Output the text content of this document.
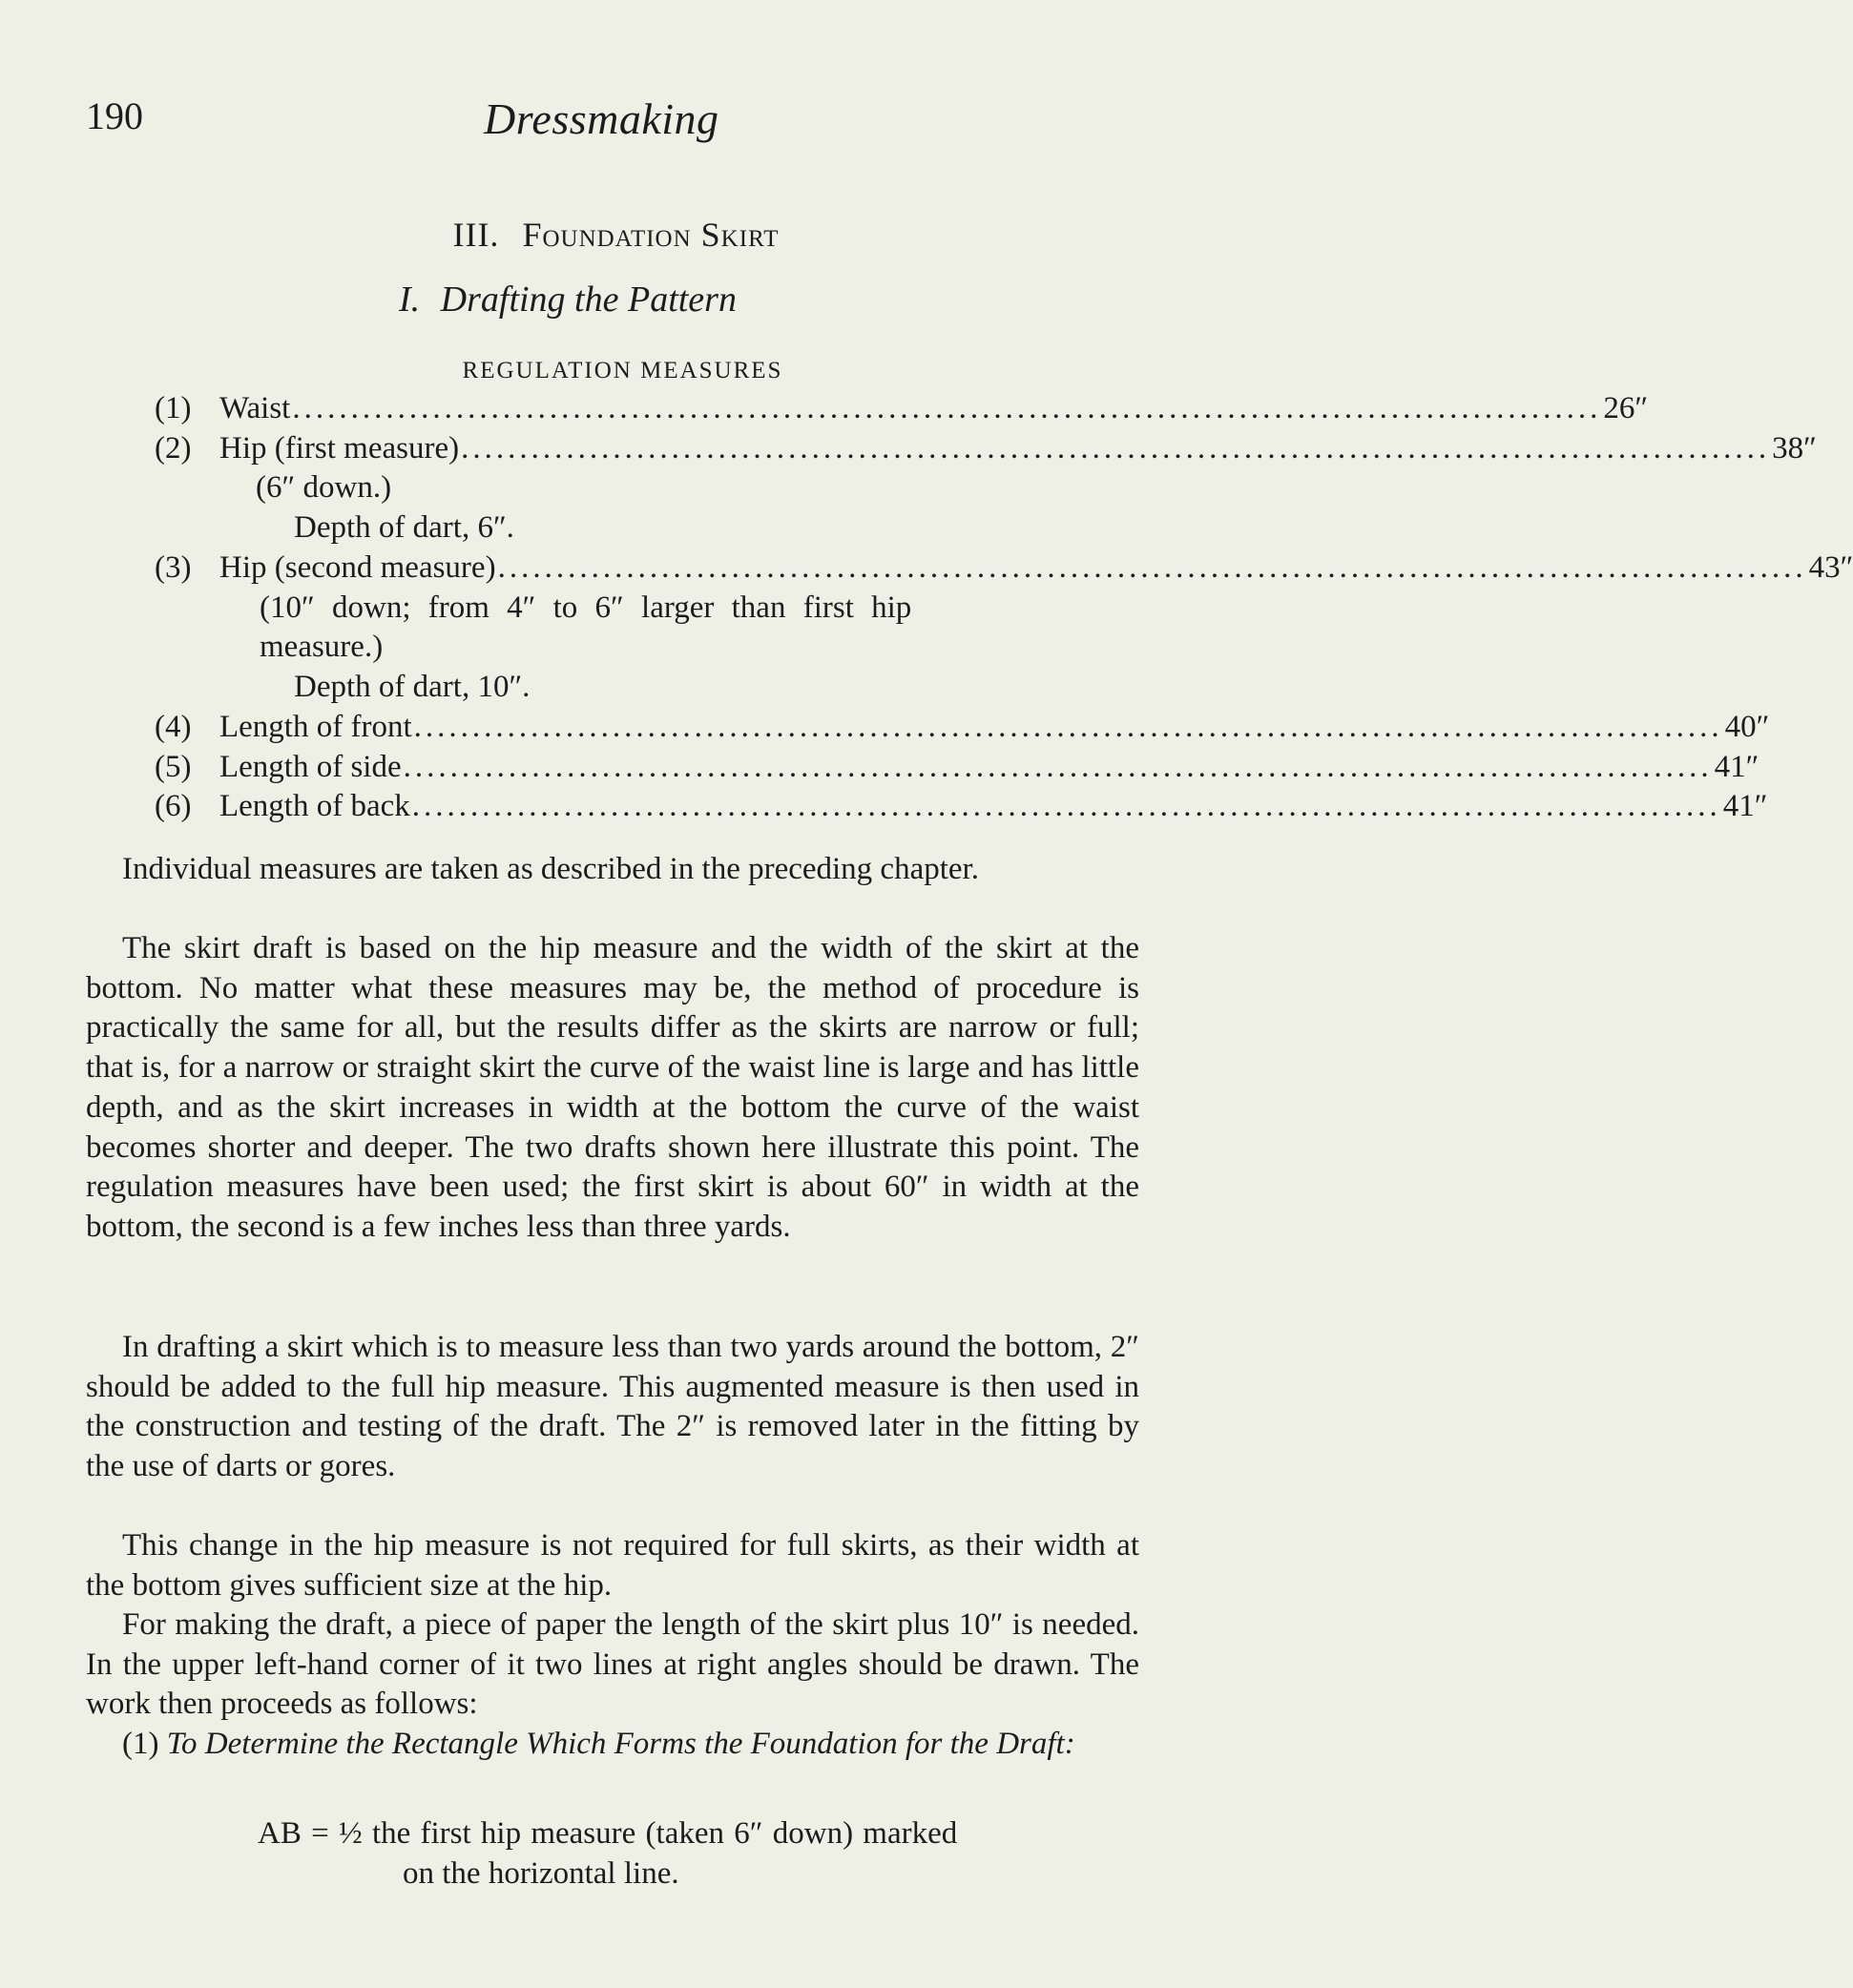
190	Dressmaking
III. Foundation Skirt
I. Drafting the Pattern
REGULATION MEASURES
(1) Waist ................................................................................................................ 26″
(2) Hip (first measure) ................................................................................................................ 38″
(6″ down.)
Depth of dart, 6″.
(3) Hip (second measure) ................................................................................................................ 43″
(10″ down; from 4″ to 6″ larger than first hip
measure.)
Depth of dart, 10″.
(4) Length of front ................................................................................................................ 40″
(5) Length of side ................................................................................................................ 41″
(6) Length of back ................................................................................................................ 41″

Individual measures are taken as described in the preceding chapter.

The skirt draft is based on the hip measure and the width of the skirt at the bottom. No matter what these measures may be, the method of procedure is practically the same for all, but the results differ as the skirts are narrow or full; that is, for a narrow or straight skirt the curve of the waist line is large and has little depth, and as the skirt increases in width at the bottom the curve of the waist becomes shorter and deeper. The two drafts shown here illustrate this point. The regulation measures have been used; the first skirt is about 60″ in width at the bottom, the second is a few inches less than three yards.

In drafting a skirt which is to measure less than two yards around the bottom, 2″ should be added to the full hip measure. This augmented measure is then used in the construction and testing of the draft. The 2″ is removed later in the fitting by the use of darts or gores.

This change in the hip measure is not required for full skirts, as their width at the bottom gives sufficient size at the hip.

For making the draft, a piece of paper the length of the skirt plus 10″ is needed. In the upper left-hand corner of it two lines at right angles should be drawn. The work then proceeds as follows:

(1) To Determine the Rectangle Which Forms the Foundation for the Draft:

AB = ½ the first hip measure (taken 6″ down) marked
on the horizontal line.
